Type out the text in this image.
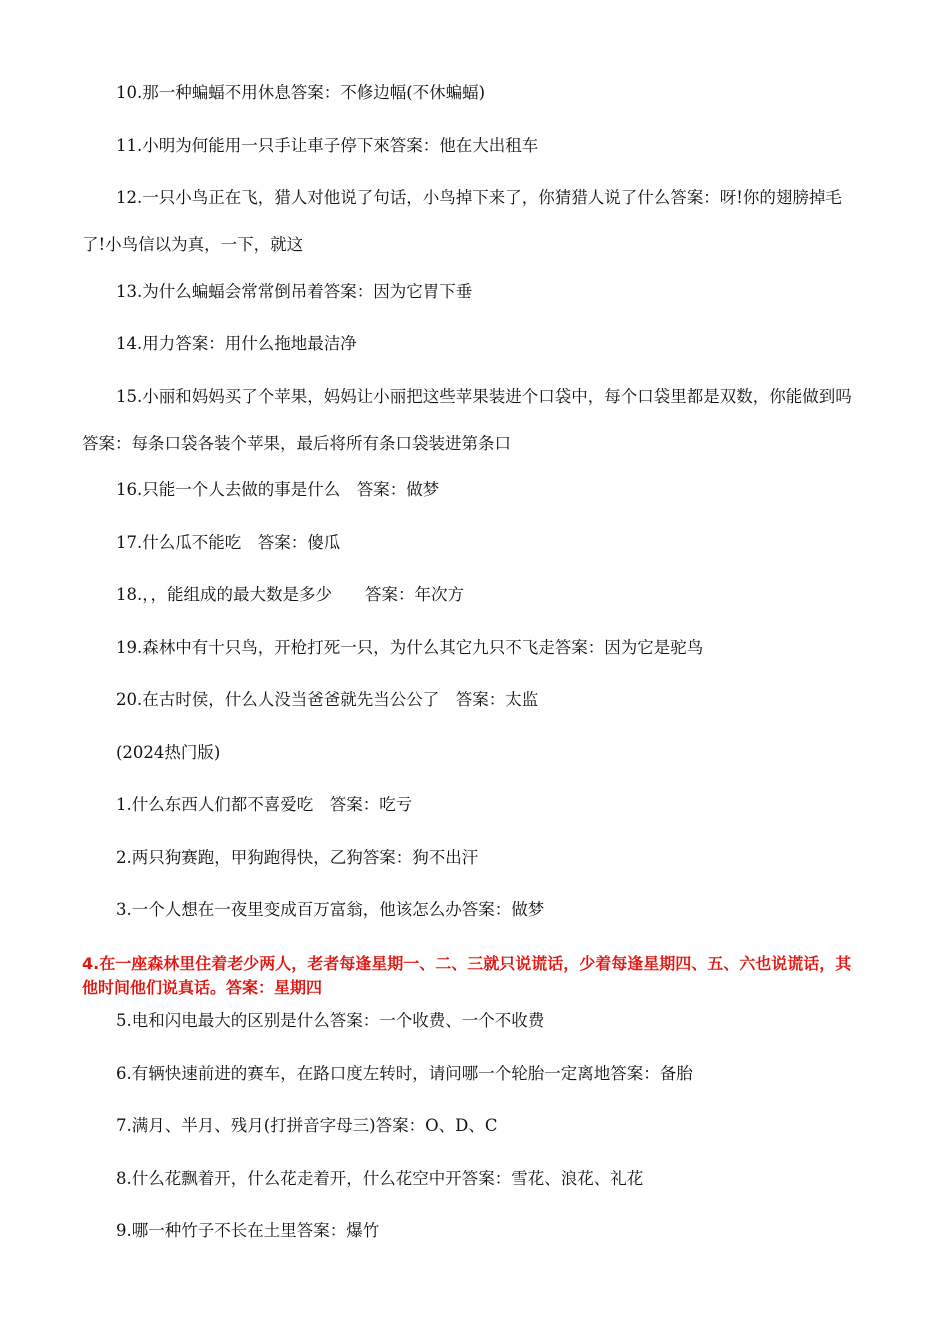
10.那一种蝙蝠不用休息答案：不修边幅(不休蝙蝠)

11.小明为何能用一只手让車子停下來答案：他在大出租车

12.一只小鸟正在飞，猎人对他说了句话，小鸟掉下来了，你猜猎人说了什么答案：呀!你的翅膀掉毛了!小鸟信以为真，一下，就这

13.为什么蝙蝠会常常倒吊着答案：因为它胃下垂

14.用力答案：用什么拖地最洁净

15.小丽和妈妈买了个苹果，妈妈让小丽把这些苹果装进个口袋中，每个口袋里都是双数，你能做到吗答案：每条口袋各装个苹果，最后将所有条口袋装进第条口

16.只能一个人去做的事是什么　答案：做梦

17.什么瓜不能吃　答案：傻瓜

18.，，能组成的最大数是多少　　答案：年次方

19.森林中有十只鸟，开枪打死一只，为什么其它九只不飞走答案：因为它是驼鸟

20.在古时侯，什么人没当爸爸就先当公公了　答案：太监

(2024热门版)

1.什么东西人们都不喜爱吃　答案：吃亏

2.两只狗赛跑，甲狗跑得快，乙狗答案：狗不出汗

3.一个人想在一夜里变成百万富翁，他该怎么办答案：做梦

4.在一座森林里住着老少两人，老者每逢星期一、二、三就只说谎话，少着每逢星期四、五、六也说谎话，其他时间他们说真话。答案：星期四

5.电和闪电最大的区别是什么答案：一个收费、一个不收费

6.有辆快速前进的赛车，在路口度左转时，请问哪一个轮胎一定离地答案：备胎

7.满月、半月、残月(打拼音字母三)答案：O、D、C

8.什么花飘着开，什么花走着开，什么花空中开答案：雪花、浪花、礼花

9.哪一种竹子不长在土里答案：爆竹
